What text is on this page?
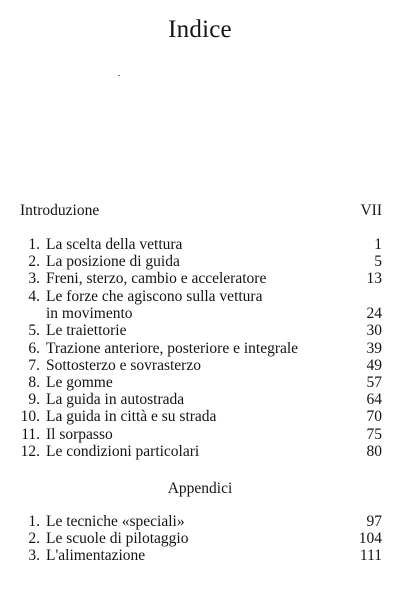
Indice
Introduzione	VII
1. La scelta della vettura	1
2. La posizione di guida	5
3. Freni, sterzo, cambio e acceleratore	13
4. Le forze che agiscono sulla vettura
in movimento	24
5. Le traiettorie	30
6. Trazione anteriore, posteriore e integrale	39
7. Sottosterzo e sovrasterzo	49
8. Le gomme	57
9. La guida in autostrada	64
10. La guida in città e su strada	70
11. Il sorpasso	75
12. Le condizioni particolari	80
Appendici
1. Le tecniche «speciali»	97
2. Le scuole di pilotaggio	104
3. L'alimentazione	111
